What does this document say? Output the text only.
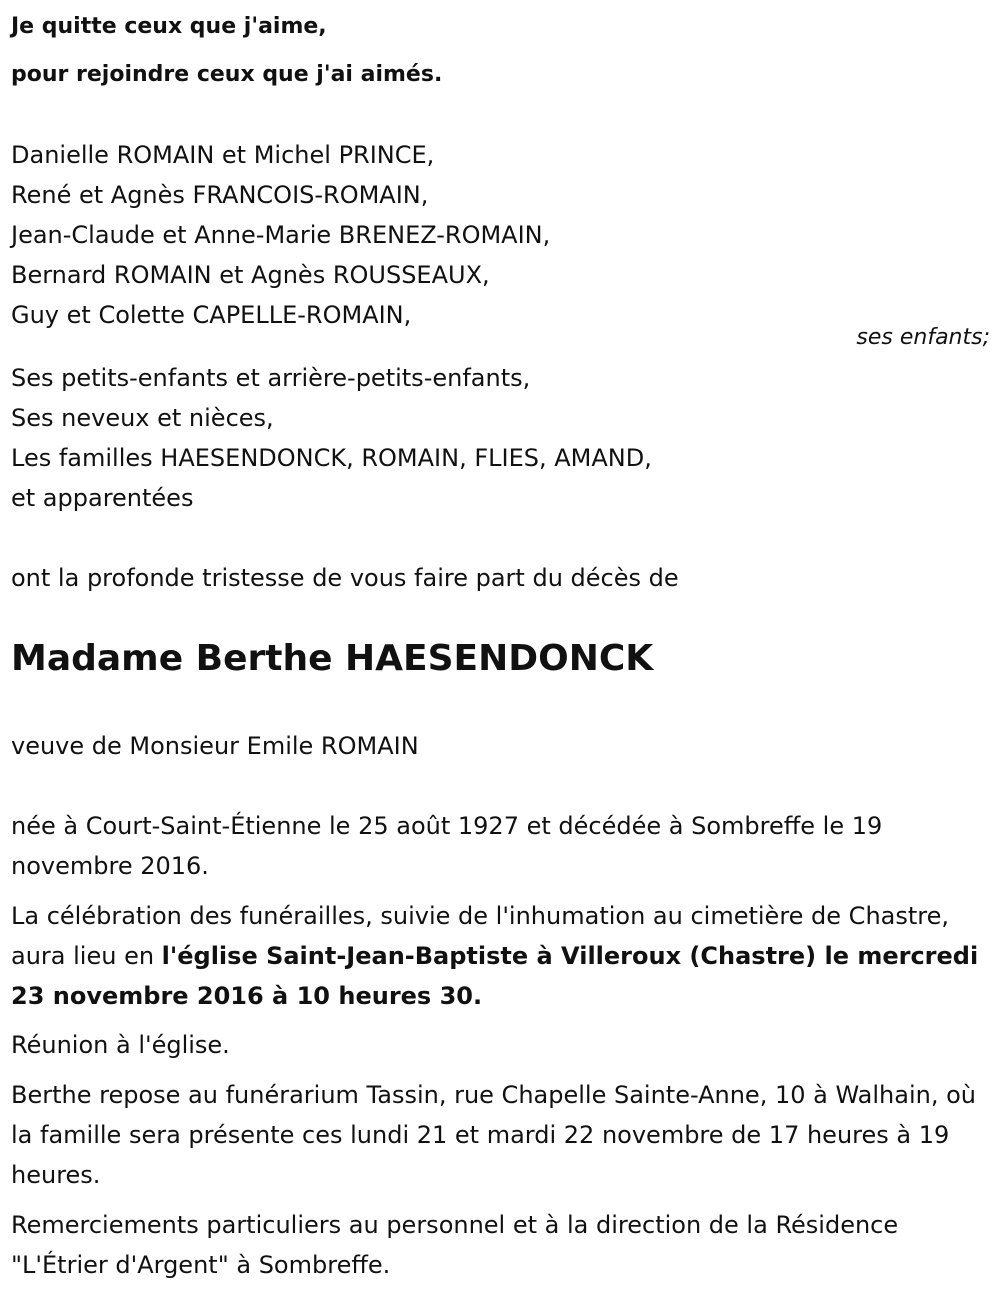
Je quitte ceux que j'aime,
pour rejoindre ceux que j'ai aimés.
Danielle ROMAIN et Michel PRINCE,
René et Agnès FRANCOIS-ROMAIN,
Jean-Claude et Anne-Marie BRENEZ-ROMAIN,
Bernard ROMAIN et Agnès ROUSSEAUX,
Guy et Colette CAPELLE-ROMAIN,
ses enfants;
Ses petits-enfants et arrière-petits-enfants,
Ses neveux et nièces,
Les familles HAESENDONCK, ROMAIN, FLIES, AMAND,
et apparentées
ont la profonde tristesse de vous faire part du décès de
Madame Berthe HAESENDONCK
veuve de Monsieur Emile ROMAIN
née à Court-Saint-Étienne le 25 août 1927 et décédée à Sombreffe le 19 novembre 2016.
La célébration des funérailles, suivie de l'inhumation au cimetière de Chastre, aura lieu en l'église Saint-Jean-Baptiste à Villeroux (Chastre) le mercredi 23 novembre 2016 à 10 heures 30.
Réunion à l'église.
Berthe repose au funérarium Tassin, rue Chapelle Sainte-Anne, 10 à Walhain, où la famille sera présente ces lundi 21 et mardi 22 novembre de 17 heures à 19 heures.
Remerciements particuliers au personnel et à la direction de la Résidence "L'Étrier d'Argent" à Sombreffe.
